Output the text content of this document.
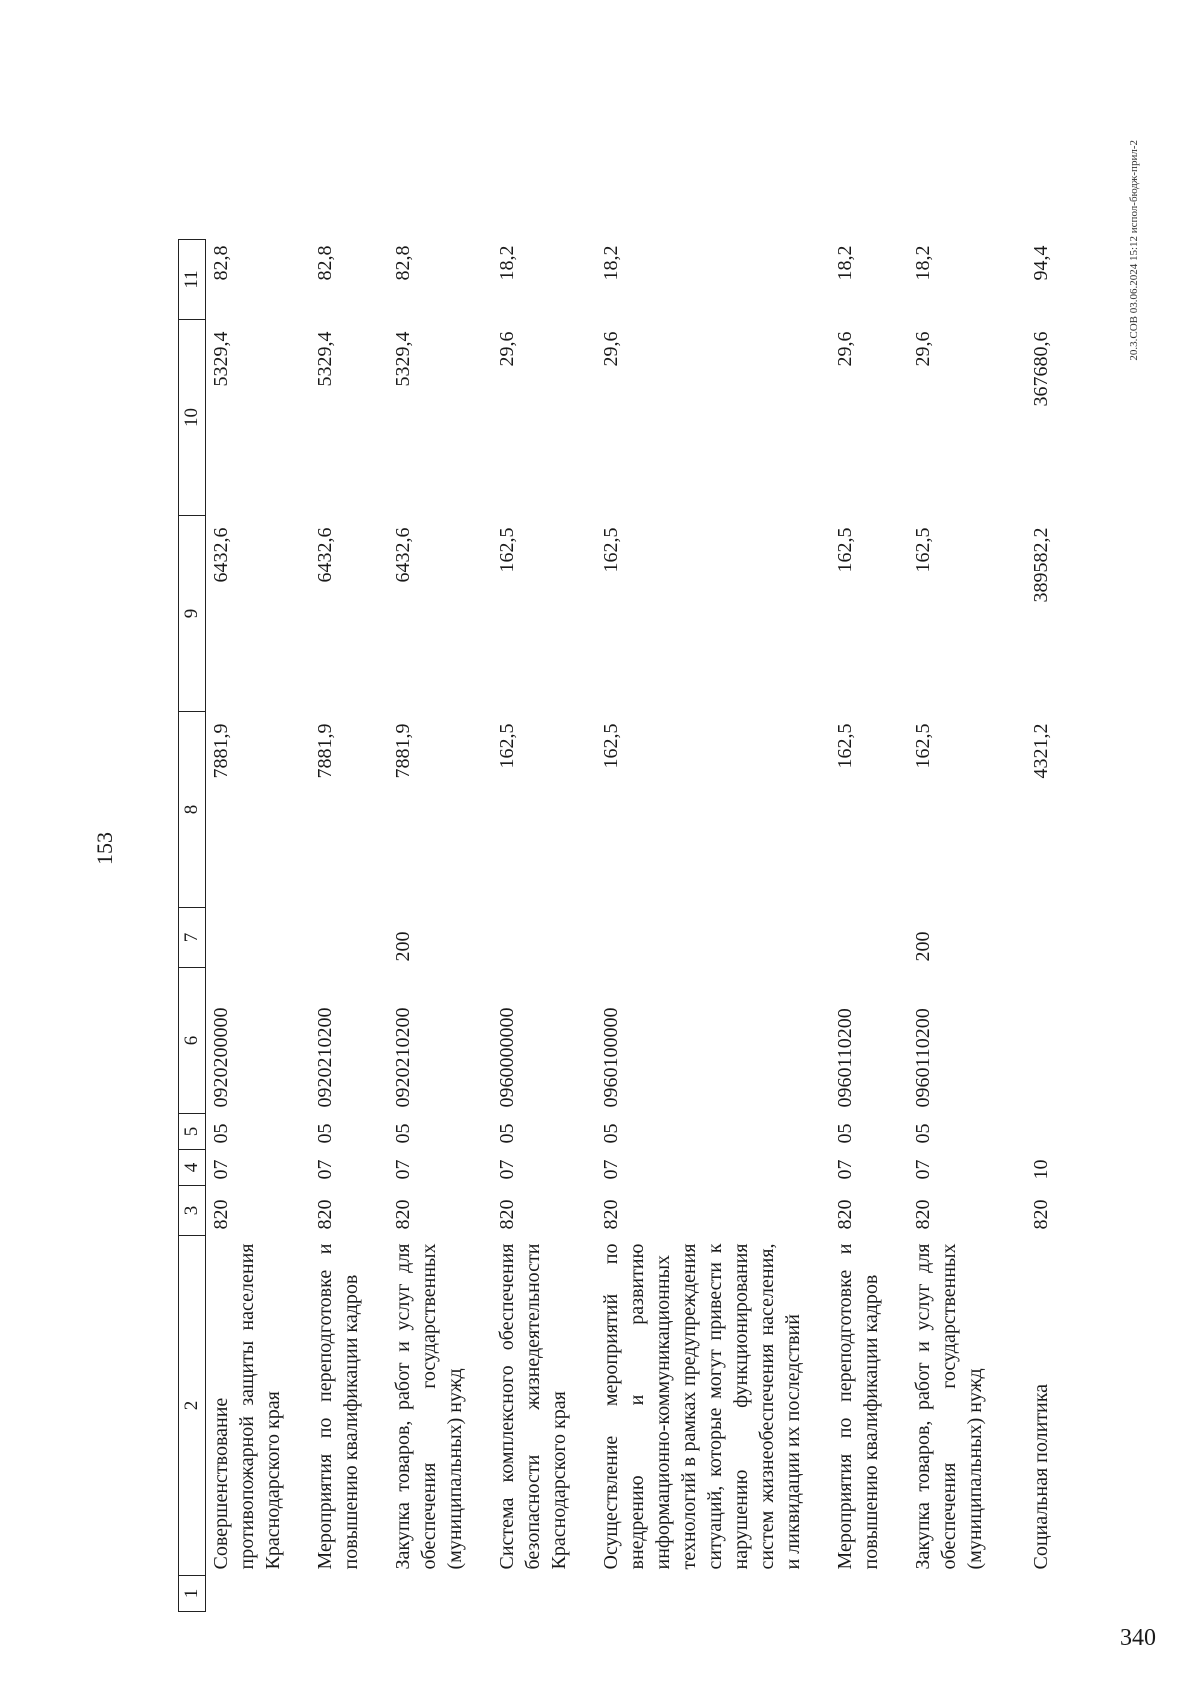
153
1	2	3	4	5	6	7	8	9	10	11
	Совершенствование противопожарной защиты населения Краснодарского края	820	07	05	0920200000		7881,9	6432,6	5329,4	82,8
	Мероприятия по переподготовке и повышению квалификации кадров	820	07	05	0920210200		7881,9	6432,6	5329,4	82,8
	Закупка товаров, работ и услуг для обеспечения государственных (муниципальных) нужд	820	07	05	0920210200	200	7881,9	6432,6	5329,4	82,8
	Система комплексного обеспечения безопасности жизнедеятельности Краснодарского края	820	07	05	0960000000		162,5	162,5	29,6	18,2
	Осуществление мероприятий по внедрению и развитию информационно-коммуникационных технологий в рамках предупреждения ситуаций, которые могут привести к нарушению функционирования систем жизнеобеспечения населения, и ликвидации их последствий	820	07	05	0960100000		162,5	162,5	29,6	18,2
	Мероприятия по переподготовке и повышению квалификации кадров	820	07	05	0960110200		162,5	162,5	29,6	18,2
	Закупка товаров, работ и услуг для обеспечения государственных (муниципальных) нужд	820	07	05	0960110200	200	162,5	162,5	29,6	18,2
	Социальная политика	820	10				4321,2	389582,2	367680,6	94,4	20.3.СОВ 03.06.2024 15:12 испол-бюдж-прил-2
340
